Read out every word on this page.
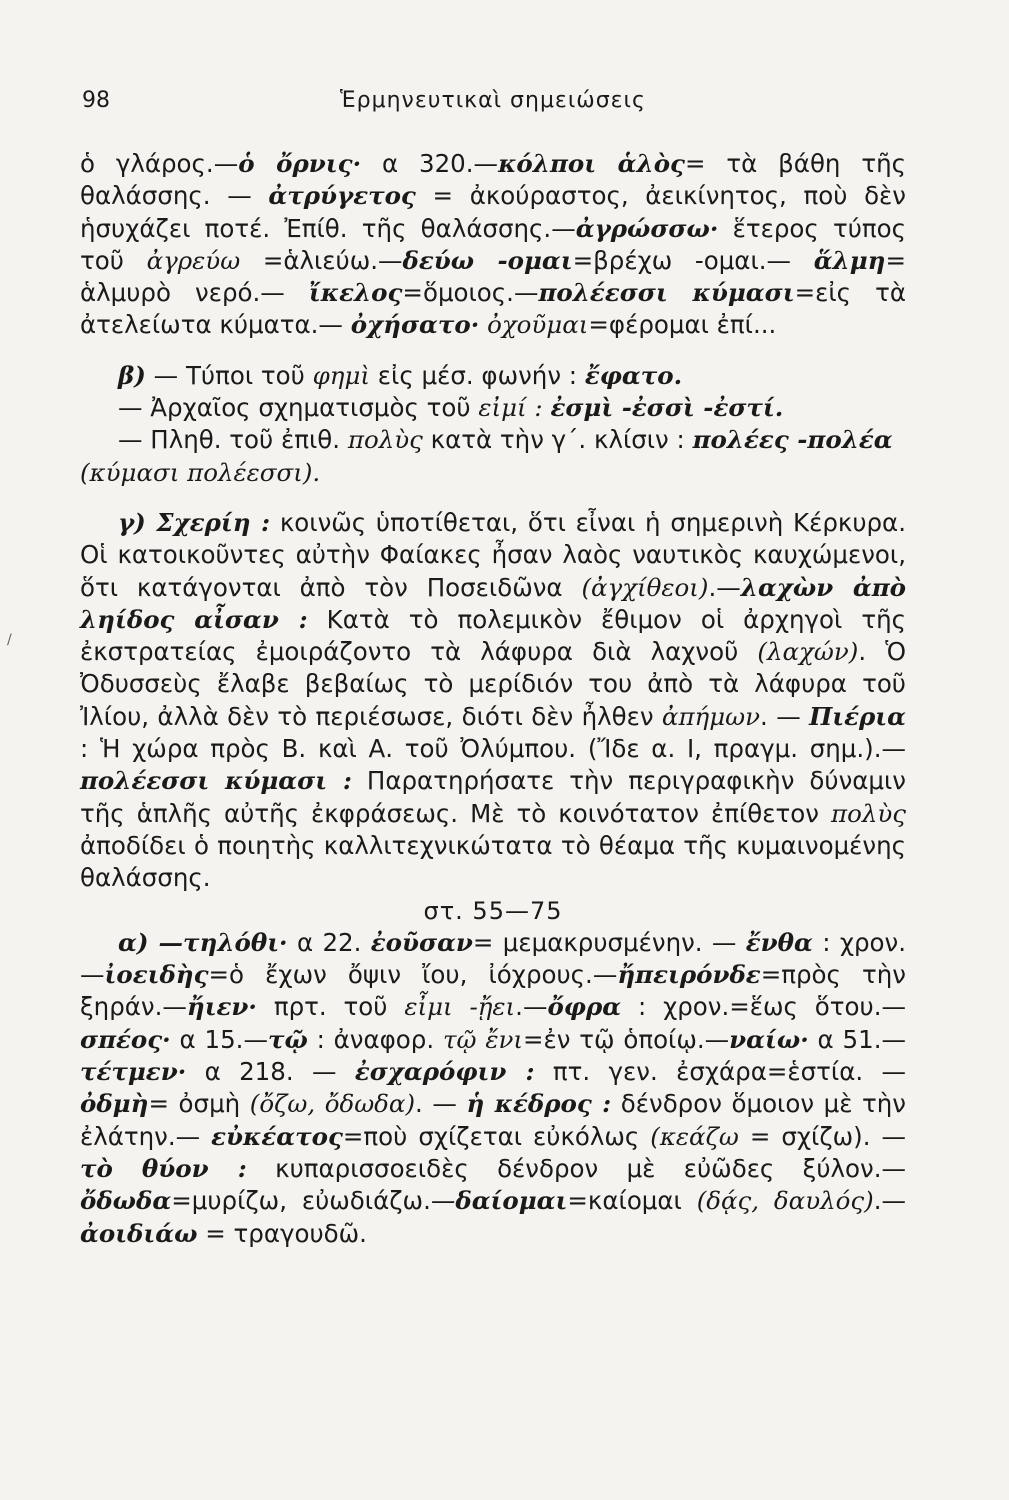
98	Ἑρμηνευτικαὶ σημειώσεις
/

ὁ γλάρος.—ὁ ὄρνις· α 320.—κόλποι ἁλὸς= τὰ βάθη τῆς θαλάσσης. — ἀτρύγετος = ἀκούραστος, ἀεικίνητος, ποὺ δὲν ἡσυχάζει ποτέ. Ἐπίθ. τῆς θαλάσσης.—ἀγρώσσω· ἕτερος τύπος τοῦ ἀγρεύω =ἁλιεύω.—δεύω -ομαι=βρέχω -ομαι.— ἅλμη= ἁλμυρὸ νερό.— ἴκελος=ὅμοιος.—πολέεσσι κύμασι=εἰς τὰ ἀτελείωτα κύματα.— ὀχήσατο· ὀχοῦμαι=φέρομαι ἐπί...

β) — Τύποι τοῦ φημὶ εἰς μέσ. φωνήν : ἔφατο.

— Ἀρχαῖος σχηματισμὸς τοῦ εἰμί : ἐσμὶ -ἐσσὶ -ἐστί.

— Πληθ. τοῦ ἐπιθ. πολὺς κατὰ τὴν γ΄. κλίσιν : πολέες -πολέα

(κύμασι πολέεσσι).

γ) Σχερίη : κοινῶς ὑποτίθεται, ὅτι εἶναι ἡ σημερινὴ Κέρκυρα. Οἱ κατοικοῦντες αὐτὴν Φαίακες ἦσαν λαὸς ναυτικὸς καυχώμενοι, ὅτι κατάγονται ἀπὸ τὸν Ποσειδῶνα (ἀγχίθεοι).—λαχὼν ἀπὸ ληίδος αἶσαν : Κατὰ τὸ πολεμικὸν ἔθιμον οἱ ἀρχηγοὶ τῆς ἐκστρατείας ἐμοιράζοντο τὰ λάφυρα διὰ λαχνοῦ (λαχών). Ὁ Ὀδυσσεὺς ἔλαβε βεβαίως τὸ μερίδιόν του ἀπὸ τὰ λάφυρα τοῦ Ἰλίου, ἀλλὰ δὲν τὸ περιέσωσε, διότι δὲν ἦλθεν ἀπήμων. — Πιέρια : Ἡ χώρα πρὸς Β. καὶ Α. τοῦ Ὀλύμπου. (Ἴδε α. Ι, πραγμ. σημ.).— πολέεσσι κύμασι : Παρατηρήσατε τὴν περιγραφικὴν δύναμιν τῆς ἁπλῆς αὐτῆς ἐκφράσεως. Μὲ τὸ κοινότατον ἐπίθετον πολὺς ἀποδίδει ὁ ποιητὴς καλλιτεχνικώτατα τὸ θέαμα τῆς κυμαινομένης θαλάσσης.

στ. 55—75

α) —τηλόθι· α 22. ἐοῦσαν= μεμακρυσμένην. — ἔνθα : χρον. —ἰοειδὴς=ὁ ἔχων ὄψιν ἴου, ἰόχρους.—ἤπειρόνδε=πρὸς τὴν ξηράν.—ἤιεν· πρτ. τοῦ εἶμι -ᾔει.—ὄφρα : χρον.=ἕως ὅτου.—σπέος· α 15.—τῷ : ἀναφορ. τῷ ἔνι=ἐν τῷ ὁποίῳ.—ναίω· α 51.—τέτμεν· α 218. — ἐσχαρόφιν : πτ. γεν. ἐσχάρα=ἑστία. — ὀδμὴ= ὀσμὴ (ὄζω, ὄδωδα). — ἡ κέδρος : δένδρον ὅμοιον μὲ τὴν ἐλάτην.— εὐκέατος=ποὺ σχίζεται εὐκόλως (κεάζω = σχίζω). — τὸ θύον : κυπαρισσοειδὲς δένδρον μὲ εὐῶδες ξύλον.—ὄδωδα=μυρίζω, εὐωδιάζω.—δαίομαι=καίομαι (δᾴς, δαυλός).—ἀοιδιάω = τραγουδῶ.
